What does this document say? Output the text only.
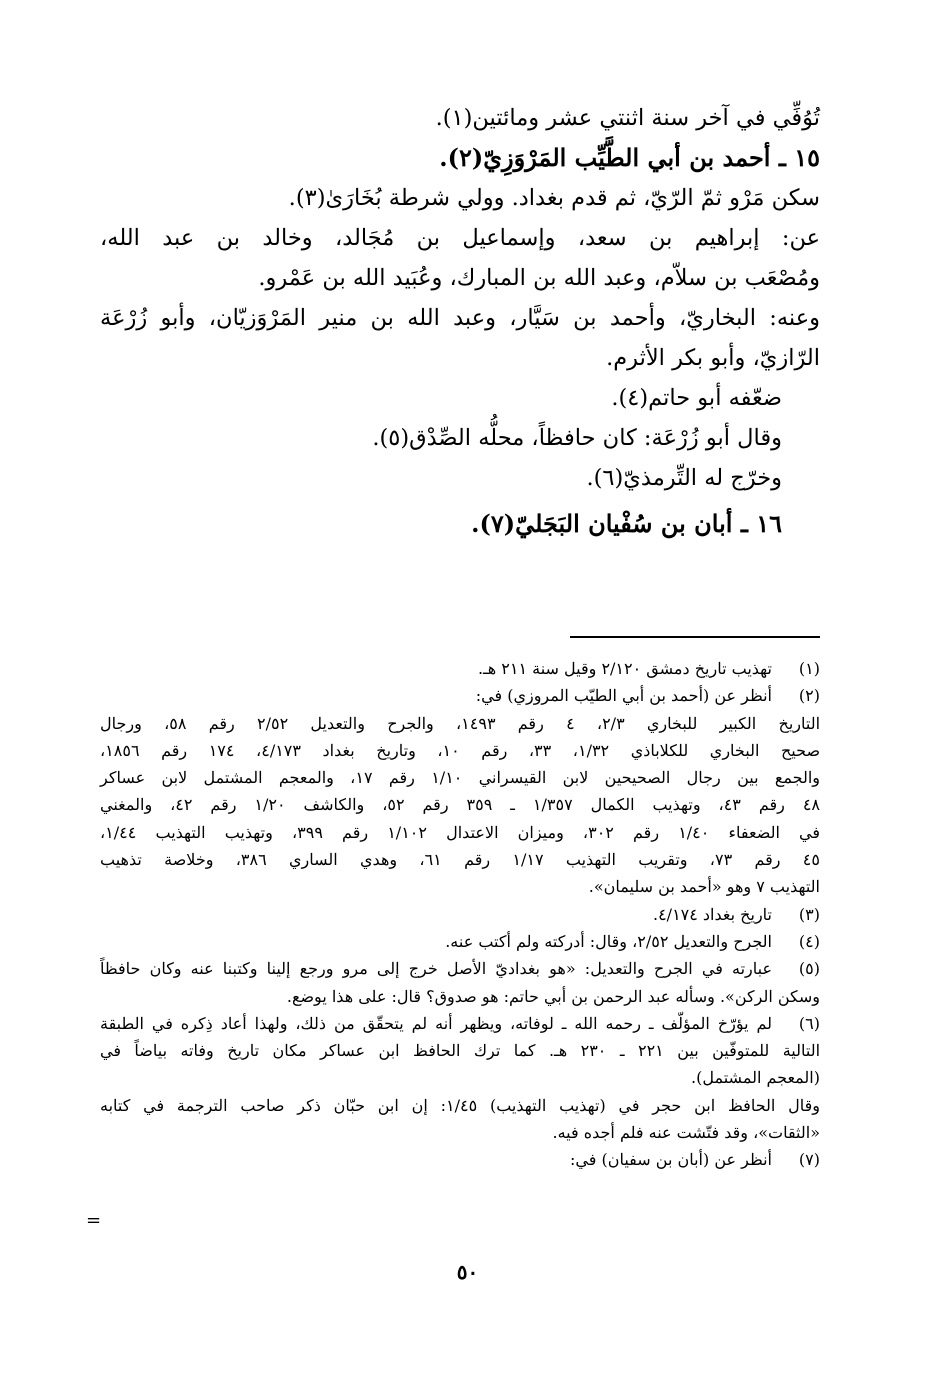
تُوُفِّي في آخر سنة اثنتي عشر ومائتين(١).
١٥ ـ أحمد بن أبي الطَّيِّب المَرْوَزِيّ(٢).
سكن مَرْو ثمّ الرّيّ، ثم قدم بغداد. وولي شرطة بُخَارَىٰ(٣).
عن: إبراهيم بن سعد، وإسماعيل بن مُجَالد، وخالد بن عبد الله،
ومُصْعَب بن سلاّم، وعبد الله بن المبارك، وعُبَيد الله بن عَمْرو.
وعنه: البخاريّ، وأحمد بن سَيَّار، وعبد الله بن منير المَرْوَزيّان، وأبو زُرْعَة
الرّازيّ، وأبو بكر الأثرم.
ضعّفه أبو حاتم(٤).
وقال أبو زُرْعَة: كان حافظاً، محلُّه الصِّدْق(٥).
وخرّج له التِّرمذيّ(٦).
١٦ ـ أبان بن سُفْيان البَجَليّ(٧).
(١)
تهذيب تاريخ دمشق ٢/١٢٠ وقيل سنة ٢١١ هـ.
(٢)
أنظر عن (أحمد بن أبي الطيّب المروزي) في:
التاريخ الكبير للبخاري ٢/٣، ٤ رقم ١٤٩٣، والجرح والتعديل ٢/٥٢ رقم ٥٨، ورجال
صحيح البخاري للكلاباذي ١/٣٢، ٣٣، رقم ١٠، وتاريخ بغداد ٤/١٧٣، ١٧٤ رقم ١٨٥٦،
والجمع بين رجال الصحيحين لابن القيسراني ١/١٠ رقم ١٧، والمعجم المشتمل لابن عساكر
٤٨ رقم ٤٣، وتهذيب الكمال ١/٣٥٧ ـ ٣٥٩ رقم ٥٢، والكاشف ١/٢٠ رقم ٤٢، والمغني
في الضعفاء ١/٤٠ رقم ٣٠٢، وميزان الاعتدال ١/١٠٢ رقم ٣٩٩، وتهذيب التهذيب ١/٤٤،
٤٥ رقم ٧٣، وتقريب التهذيب ١/١٧ رقم ٦١، وهدي الساري ٣٨٦، وخلاصة تذهيب
التهذيب ٧ وهو «أحمد بن سليمان».
(٣)
تاريخ بغداد ٤/١٧٤.
(٤)
الجرح والتعديل ٢/٥٢، وقال: أدركته ولم أكتب عنه.
(٥)
عبارته في الجرح والتعديل: «هو بغداديّ الأصل خرج إلى مرو ورجع إلينا وكتبنا عنه وكان حافظاً
وسكن الركن». وسأله عبد الرحمن بن أبي حاتم: هو صدوق؟ قال: على هذا يوضع.
(٦)
لم يؤرّخ المؤلّف ـ رحمه الله ـ لوفاته، ويظهر أنه لم يتحقّق من ذلك، ولهذا أعاد ذِكره في الطبقة
التالية للمتوفّين بين ٢٢١ ـ ٢٣٠ هـ. كما ترك الحافظ ابن عساكر مكان تاريخ وفاته بياضاً في
(المعجم المشتمل).
وقال الحافظ ابن حجر في (تهذيب التهذيب) ١/٤٥: إن ابن حبّان ذكر صاحب الترجمة في كتابه
«الثقات»، وقد فتّشت عنه فلم أجده فيه.
(٧)
أنظر عن (أبان بن سفيان) في:
=
٥٠
